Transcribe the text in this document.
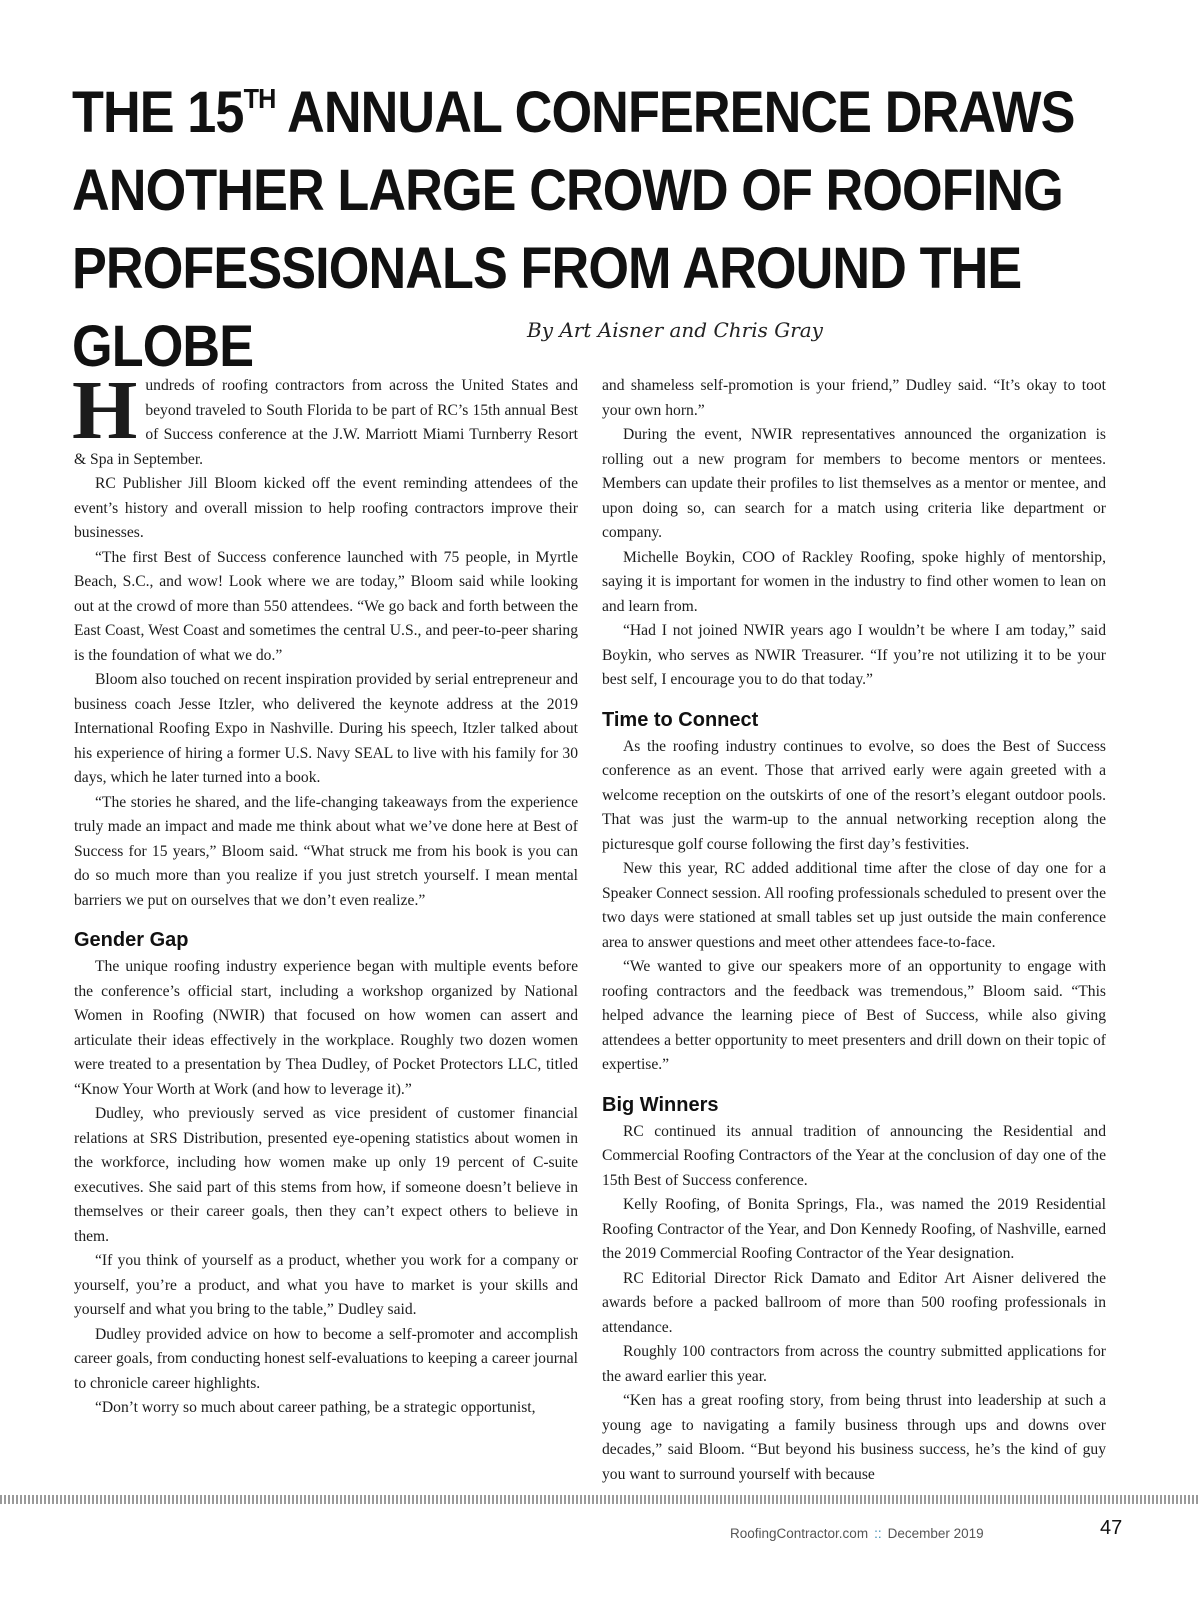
THE 15TH ANNUAL CONFERENCE DRAWS
ANOTHER LARGE CROWD OF ROOFING
PROFESSIONALS FROM AROUND THE GLOBE	By Art Aisner and Chris Gray

Hundreds of roofing contractors from across the United States and beyond traveled to South Florida to be part of RC’s 15th annual Best of Success conference at the J.W. Marriott Miami Turnberry Resort & Spa in September.

RC Publisher Jill Bloom kicked off the event reminding attendees of the event’s history and overall mission to help roofing contractors improve their businesses.

“The first Best of Success conference launched with 75 people, in Myrtle Beach, S.C., and wow! Look where we are today,” Bloom said while looking out at the crowd of more than 550 attendees. “We go back and forth between the East Coast, West Coast and sometimes the central U.S., and peer-to-peer sharing is the foundation of what we do.”

Bloom also touched on recent inspiration provided by serial entrepreneur and business coach Jesse Itzler, who delivered the keynote address at the 2019 International Roofing Expo in Nashville. During his speech, Itzler talked about his experience of hiring a former U.S. Navy SEAL to live with his family for 30 days, which he later turned into a book.

“The stories he shared, and the life-changing takeaways from the experience truly made an impact and made me think about what we’ve done here at Best of Success for 15 years,” Bloom said. “What struck me from his book is you can do so much more than you realize if you just stretch yourself. I mean mental barriers we put on ourselves that we don’t even realize.”

Gender Gap

The unique roofing industry experience began with multiple events before the conference’s official start, including a workshop organized by National Women in Roofing (NWIR) that focused on how women can assert and articulate their ideas effectively in the workplace. Roughly two dozen women were treated to a presentation by Thea Dudley, of Pocket Protectors LLC, titled “Know Your Worth at Work (and how to leverage it).”

Dudley, who previously served as vice president of customer financial relations at SRS Distribution, presented eye-opening statistics about women in the workforce, including how women make up only 19 percent of C-suite executives. She said part of this stems from how, if someone doesn’t believe in themselves or their career goals, then they can’t expect others to believe in them.

“If you think of yourself as a product, whether you work for a company or yourself, you’re a product, and what you have to market is your skills and yourself and what you bring to the table,” Dudley said.

Dudley provided advice on how to become a self-promoter and accomplish career goals, from conducting honest self-evaluations to keeping a career journal to chronicle career highlights.

“Don’t worry so much about career pathing, be a strategic opportunist,

and shameless self-promotion is your friend,” Dudley said. “It’s okay to toot your own horn.”

During the event, NWIR representatives announced the organization is rolling out a new program for members to become mentors or mentees. Members can update their profiles to list themselves as a mentor or mentee, and upon doing so, can search for a match using criteria like department or company.

Michelle Boykin, COO of Rackley Roofing, spoke highly of mentorship, saying it is important for women in the industry to find other women to lean on and learn from.

“Had I not joined NWIR years ago I wouldn’t be where I am today,” said Boykin, who serves as NWIR Treasurer. “If you’re not utilizing it to be your best self, I encourage you to do that today.”

Time to Connect

As the roofing industry continues to evolve, so does the Best of Success conference as an event. Those that arrived early were again greeted with a welcome reception on the outskirts of one of the resort’s elegant outdoor pools. That was just the warm-up to the annual networking reception along the picturesque golf course following the first day’s festivities.

New this year, RC added additional time after the close of day one for a Speaker Connect session. All roofing professionals scheduled to present over the two days were stationed at small tables set up just outside the main conference area to answer questions and meet other attendees face-to-face.

“We wanted to give our speakers more of an opportunity to engage with roofing contractors and the feedback was tremendous,” Bloom said. “This helped advance the learning piece of Best of Success, while also giving attendees a better opportunity to meet presenters and drill down on their topic of expertise.”

Big Winners

RC continued its annual tradition of announcing the Residential and Commercial Roofing Contractors of the Year at the conclusion of day one of the 15th Best of Success conference.

Kelly Roofing, of Bonita Springs, Fla., was named the 2019 Residential Roofing Contractor of the Year, and Don Kennedy Roofing, of Nashville, earned the 2019 Commercial Roofing Contractor of the Year designation.

RC Editorial Director Rick Damato and Editor Art Aisner delivered the awards before a packed ballroom of more than 500 roofing professionals in attendance.

Roughly 100 contractors from across the country submitted applications for the award earlier this year.

“Ken has a great roofing story, from being thrust into leadership at such a young age to navigating a family business through ups and downs over decades,” said Bloom. “But beyond his business success, he’s the kind of guy you want to surround yourself with because

RoofingContractor.com :: December 2019	47
